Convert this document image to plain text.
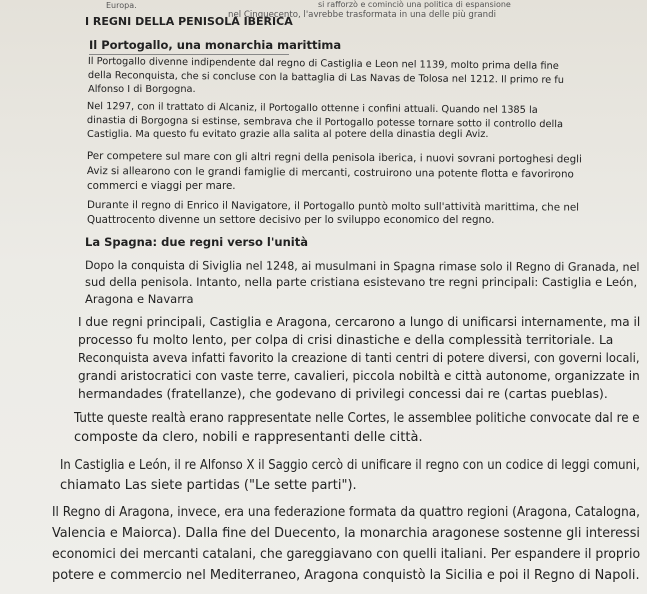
Europa.	si rafforzò e cominciò una politica di espansione
nel Cinquecento, l'avrebbe trasformata in una delle più grandi
I REGNI DELLA PENISOLA IBERICA
Il Portogallo, una monarchia marittima
Il Portogallo divenne indipendente dal regno di Castiglia e Leon nel 1139, molto prima della fine
della Reconquista, che si concluse con la battaglia di Las Navas de Tolosa nel 1212. Il primo re fu
Alfonso I di Borgogna.
Nel 1297, con il trattato di Alcaniz, il Portogallo ottenne i confini attuali. Quando nel 1385 la
dinastia di Borgogna si estinse, sembrava che il Portogallo potesse tornare sotto il controllo della
Castiglia. Ma questo fu evitato grazie alla salita al potere della dinastia degli Aviz.
Per competere sul mare con gli altri regni della penisola iberica, i nuovi sovrani portoghesi degli
Aviz si allearono con le grandi famiglie di mercanti, costruirono una potente flotta e favorirono
commerci e viaggi per mare.
Durante il regno di Enrico il Navigatore, il Portogallo puntò molto sull'attività marittima, che nel
Quattrocento divenne un settore decisivo per lo sviluppo economico del regno.
La Spagna: due regni verso l'unità
Dopo la conquista di Siviglia nel 1248, ai musulmani in Spagna rimase solo il Regno di Granada, nel
sud della penisola. Intanto, nella parte cristiana esistevano tre regni principali: Castiglia e León,
Aragona e Navarra
I due regni principali, Castiglia e Aragona, cercarono a lungo di unificarsi internamente, ma il
processo fu molto lento, per colpa di crisi dinastiche e della complessità territoriale. La
Reconquista aveva infatti favorito la creazione di tanti centri di potere diversi, con governi locali,
grandi aristocratici con vaste terre, cavalieri, piccola nobiltà e città autonome, organizzate in
hermandades (fratellanze), che godevano di privilegi concessi dai re (cartas pueblas).
Tutte queste realtà erano rappresentate nelle Cortes, le assemblee politiche convocate dal re e
composte da clero, nobili e rappresentanti delle città.
In Castiglia e León, il re Alfonso X il Saggio cercò di unificare il regno con un codice di leggi comuni,
chiamato Las siete partidas ("Le sette parti").
Il Regno di Aragona, invece, era una federazione formata da quattro regioni (Aragona, Catalogna,
Valencia e Maiorca). Dalla fine del Duecento, la monarchia aragonese sostenne gli interessi
economici dei mercanti catalani, che gareggiavano con quelli italiani. Per espandere il proprio
potere e commercio nel Mediterraneo, Aragona conquistò la Sicilia e poi il Regno di Napoli.
